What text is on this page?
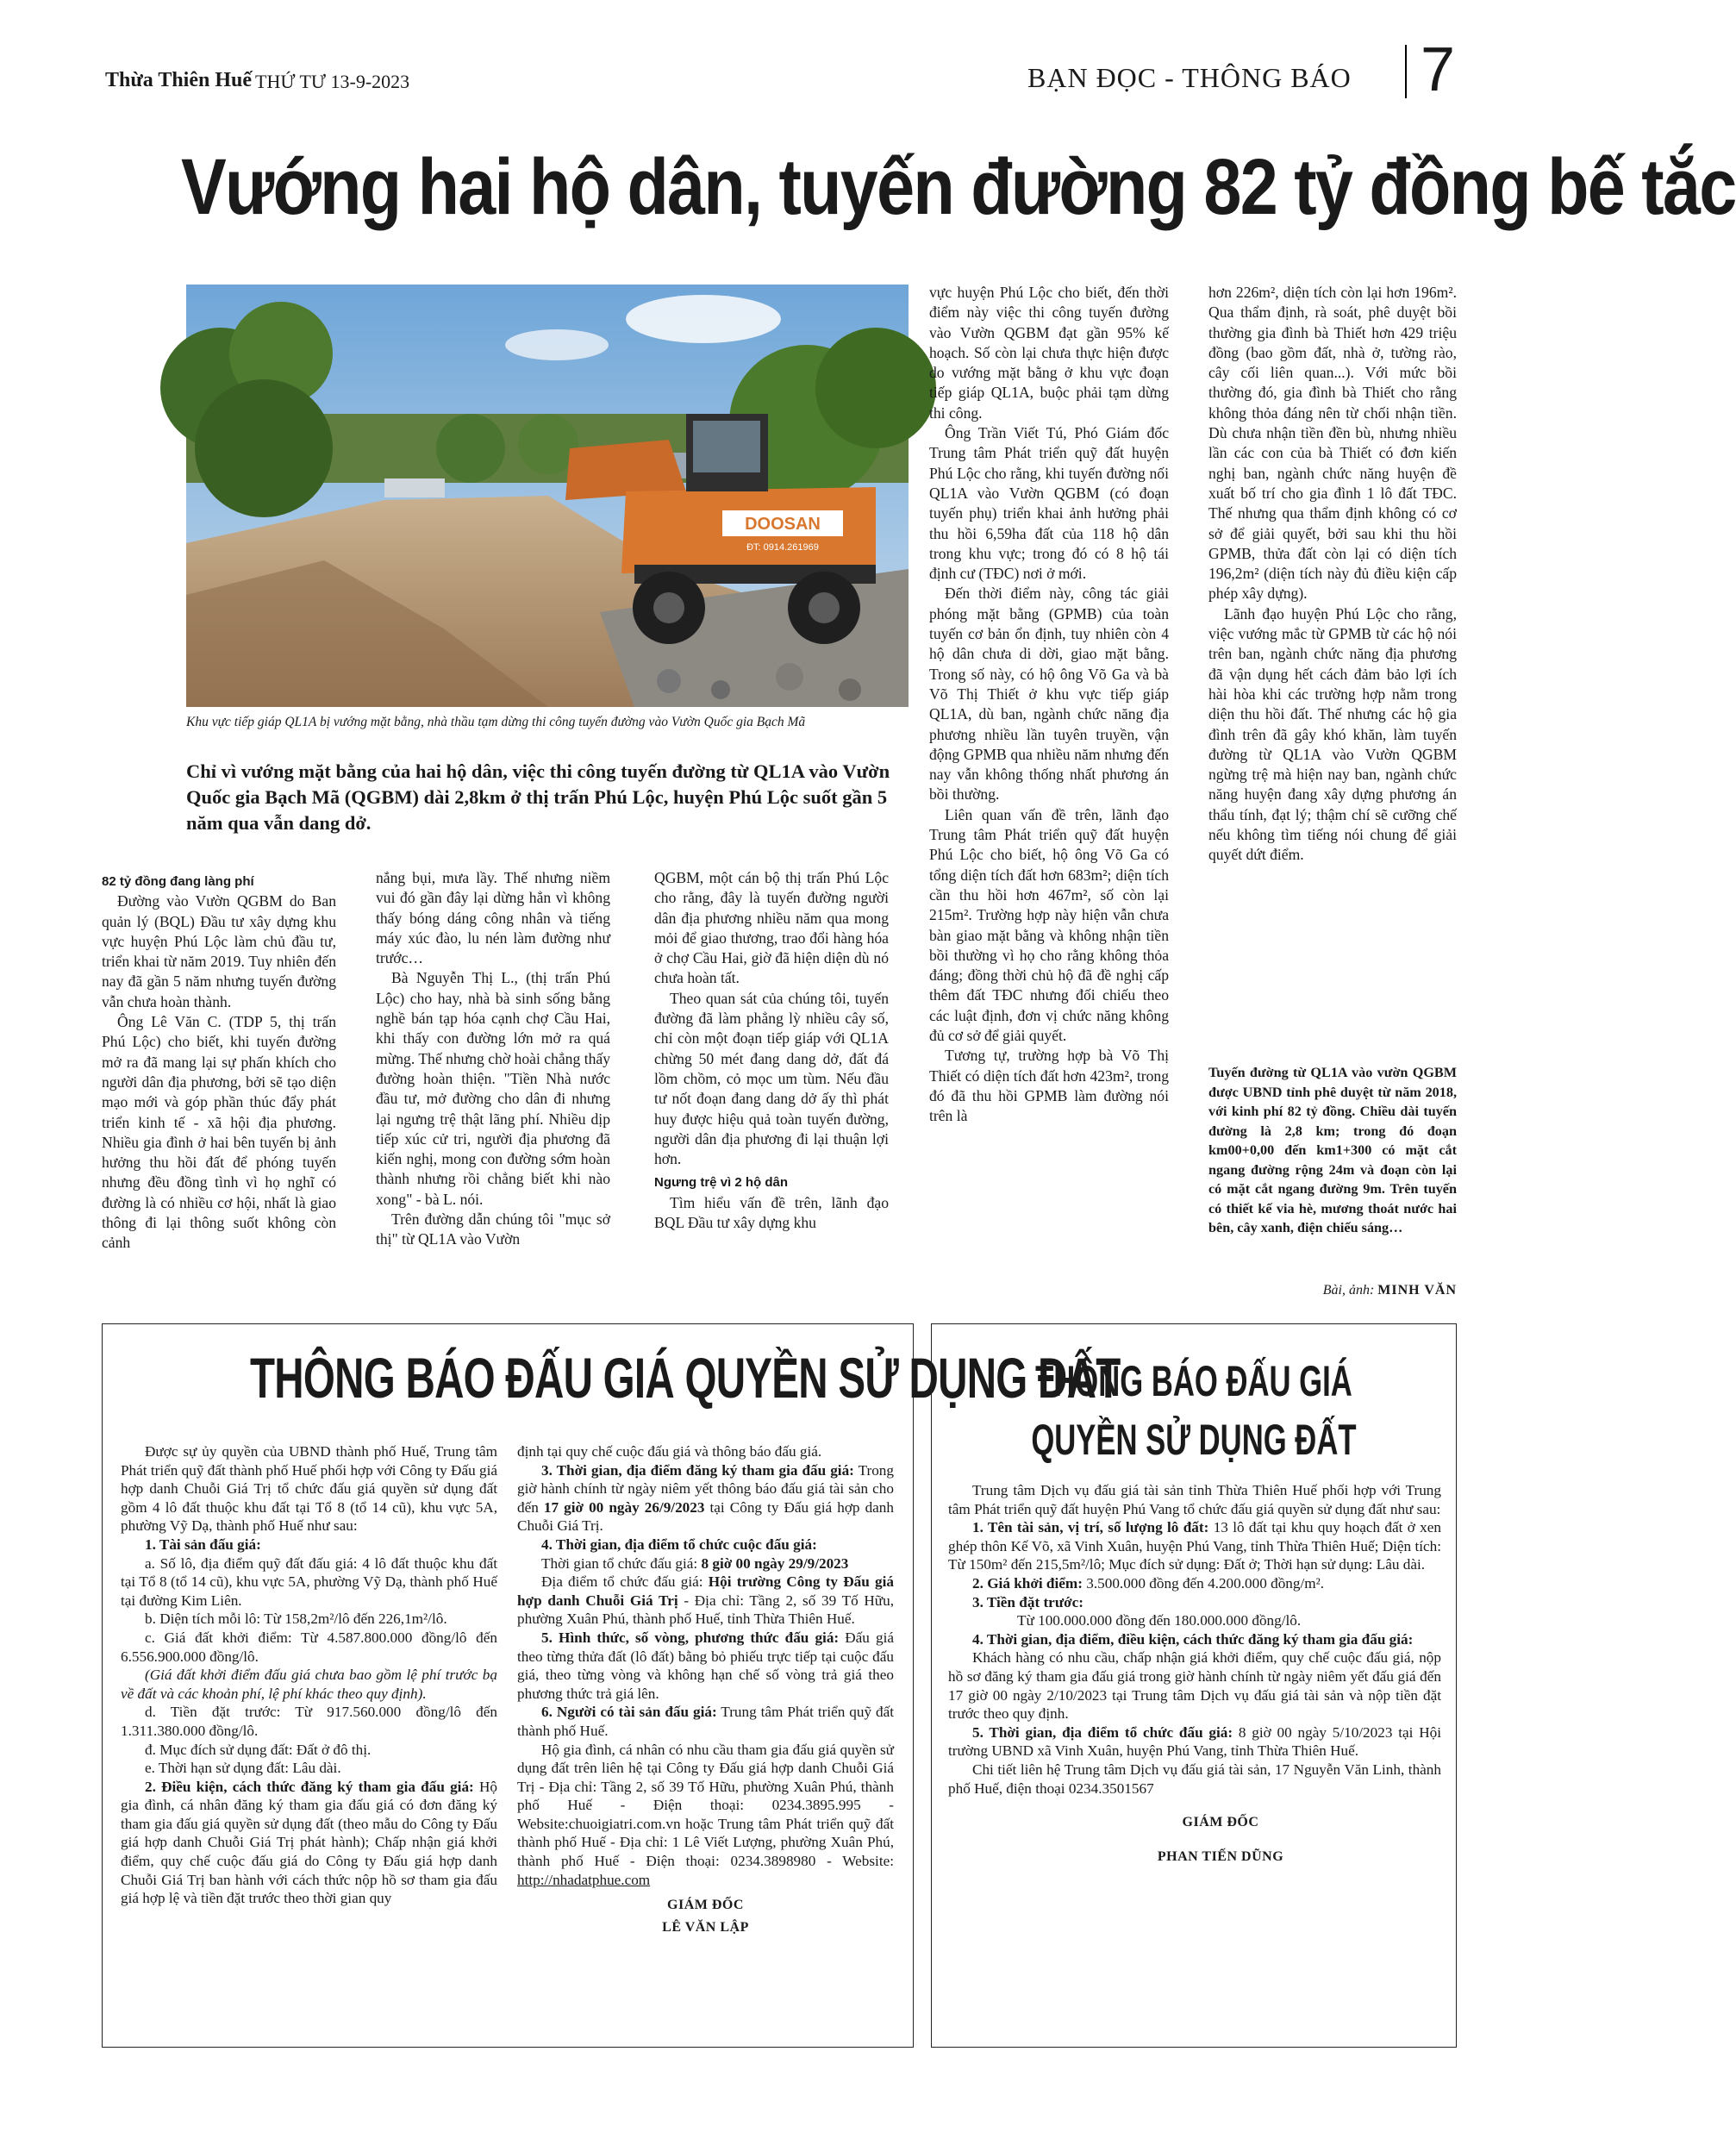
Thừa Thiên Huế THỨ TƯ 13-9-2023	BẠN ĐỌC - THÔNG BÁO 7
Vướng hai hộ dân, tuyến đường 82 tỷ đồng bế tắc
DOOSAN
ĐT: 0914.261969
Khu vực tiếp giáp QL1A bị vướng mặt bằng, nhà thầu tạm dừng thi công tuyến đường vào Vườn Quốc gia Bạch Mã
Chỉ vì vướng mặt bằng của hai hộ dân, việc thi công tuyến đường từ QL1A vào Vườn Quốc gia Bạch Mã (QGBM) dài 2,8km ở thị trấn Phú Lộc, huyện Phú Lộc suốt gần 5 năm qua vẫn dang dở.

82 tỷ đồng đang làng phí

Đường vào Vườn QGBM do Ban quản lý (BQL) Đầu tư xây dựng khu vực huyện Phú Lộc làm chủ đầu tư, triển khai từ năm 2019. Tuy nhiên đến nay đã gần 5 năm nhưng tuyến đường vẫn chưa hoàn thành.

Ông Lê Văn C. (TDP 5, thị trấn Phú Lộc) cho biết, khi tuyến đường mở ra đã mang lại sự phấn khích cho người dân địa phương, bởi sẽ tạo diện mạo mới và góp phần thúc đẩy phát triển kinh tế - xã hội địa phương. Nhiều gia đình ở hai bên tuyến bị ảnh hưởng thu hồi đất để phóng tuyến nhưng đều đồng tình vì họ nghĩ có đường là có nhiều cơ hội, nhất là giao thông đi lại thông suốt không còn cảnh

nắng bụi, mưa lầy. Thế nhưng niềm vui đó gần đây lại dừng hẳn vì không thấy bóng dáng công nhân và tiếng máy xúc đào, lu nén làm đường như trước…

Bà Nguyễn Thị L., (thị trấn Phú Lộc) cho hay, nhà bà sinh sống bằng nghề bán tạp hóa cạnh chợ Cầu Hai, khi thấy con đường lớn mở ra quá mừng. Thế nhưng chờ hoài chẳng thấy đường hoàn thiện. "Tiền Nhà nước đầu tư, mở đường cho dân đi nhưng lại ngưng trệ thật lãng phí. Nhiều dịp tiếp xúc cử tri, người địa phương đã kiến nghị, mong con đường sớm hoàn thành nhưng rồi chẳng biết khi nào xong" - bà L. nói.

Trên đường dẫn chúng tôi "mục sở thị" từ QL1A vào Vườn

QGBM, một cán bộ thị trấn Phú Lộc cho rằng, đây là tuyến đường người dân địa phương nhiều năm qua mong mỏi để giao thương, trao đổi hàng hóa ở chợ Cầu Hai, giờ đã hiện diện dù nó chưa hoàn tất.

Theo quan sát của chúng tôi, tuyến đường đã làm phẳng lỳ nhiều cây số, chỉ còn một đoạn tiếp giáp với QL1A chừng 50 mét đang dang dở, đất đá lồm chồm, cỏ mọc um tùm. Nếu đầu tư nốt đoạn đang dang dở ấy thì phát huy được hiệu quả toàn tuyến đường, người dân địa phương đi lại thuận lợi hơn.

Ngưng trệ vì 2 hộ dân

Tìm hiểu vấn đề trên, lãnh đạo BQL Đầu tư xây dựng khu

vực huyện Phú Lộc cho biết, đến thời điểm này việc thi công tuyến đường vào Vườn QGBM đạt gần 95% kế hoạch. Số còn lại chưa thực hiện được do vướng mặt bằng ở khu vực đoạn tiếp giáp QL1A, buộc phải tạm dừng thi công.

Ông Trần Viết Tú, Phó Giám đốc Trung tâm Phát triển quỹ đất huyện Phú Lộc cho rằng, khi tuyến đường nối QL1A vào Vườn QGBM (có đoạn tuyến phụ) triển khai ảnh hưởng phải thu hồi 6,59ha đất của 118 hộ dân trong khu vực; trong đó có 8 hộ tái định cư (TĐC) nơi ở mới.

Đến thời điểm này, công tác giải phóng mặt bằng (GPMB) của toàn tuyến cơ bản ổn định, tuy nhiên còn 4 hộ dân chưa di dời, giao mặt bằng. Trong số này, có hộ ông Võ Ga và bà Võ Thị Thiết ở khu vực tiếp giáp QL1A, dù ban, ngành chức năng địa phương nhiều lần tuyên truyền, vận động GPMB qua nhiều năm nhưng đến nay vẫn không thống nhất phương án bồi thường.

Liên quan vấn đề trên, lãnh đạo Trung tâm Phát triển quỹ đất huyện Phú Lộc cho biết, hộ ông Võ Ga có tổng diện tích đất hơn 683m²; diện tích cần thu hồi hơn 467m², số còn lại 215m². Trường hợp này hiện vẫn chưa bàn giao mặt bằng và không nhận tiền bồi thường vì họ cho rằng không thỏa đáng; đồng thời chủ hộ đã đề nghị cấp thêm đất TĐC nhưng đối chiếu theo các luật định, đơn vị chức năng không đủ cơ sở để giải quyết.

Tương tự, trường hợp bà Võ Thị Thiết có diện tích đất hơn 423m², trong đó đã thu hồi GPMB làm đường nói trên là

hơn 226m², diện tích còn lại hơn 196m². Qua thẩm định, rà soát, phê duyệt bồi thường gia đình bà Thiết hơn 429 triệu đồng (bao gồm đất, nhà ở, tường rào, cây cối liên quan...). Với mức bồi thường đó, gia đình bà Thiết cho rằng không thỏa đáng nên từ chối nhận tiền. Dù chưa nhận tiền đền bù, nhưng nhiều lần các con của bà Thiết có đơn kiến nghị ban, ngành chức năng huyện đề xuất bố trí cho gia đình 1 lô đất TĐC. Thế nhưng qua thẩm định không có cơ sở để giải quyết, bởi sau khi thu hồi GPMB, thửa đất còn lại có diện tích 196,2m² (diện tích này đủ điều kiện cấp phép xây dựng).

Lãnh đạo huyện Phú Lộc cho rằng, việc vướng mắc từ GPMB từ các hộ nói trên ban, ngành chức năng địa phương đã vận dụng hết cách đảm bảo lợi ích hài hòa khi các trường hợp nằm trong diện thu hồi đất. Thế nhưng các hộ gia đình trên đã gây khó khăn, làm tuyến đường từ QL1A vào Vườn QGBM ngừng trệ mà hiện nay ban, ngành chức năng huyện đang xây dựng phương án thẩu tính, đạt lý; thậm chí sẽ cưỡng chế nếu không tìm tiếng nói chung để giải quyết dứt điểm.

Tuyến đường từ QL1A vào vườn QGBM được UBND tỉnh phê duyệt từ năm 2018, với kinh phí 82 tỷ đồng. Chiều dài tuyến đường là 2,8 km; trong đó đoạn km00+0,00 đến km1+300 có mặt cắt ngang đường rộng 24m và đoạn còn lại có mặt cắt ngang đường 9m. Trên tuyến có thiết kế via hè, mương thoát nước hai bên, cây xanh, điện chiếu sáng…
Bài, ảnh: MINH VĂN
THÔNG BÁO ĐẤU GIÁ QUYỀN SỬ DỤNG ĐẤT

Được sự ủy quyền của UBND thành phố Huế, Trung tâm Phát triển quỹ đất thành phố Huế phối hợp với Công ty Đấu giá hợp danh Chuỗi Giá Trị tổ chức đấu giá quyền sử dụng đất gồm 4 lô đất thuộc khu đất tại Tổ 8 (tổ 14 cũ), khu vực 5A, phường Vỹ Dạ, thành phố Huế như sau:

1. Tài sản đấu giá:

a. Số lô, địa điểm quỹ đất đấu giá: 4 lô đất thuộc khu đất tại Tổ 8 (tổ 14 cũ), khu vực 5A, phường Vỹ Dạ, thành phố Huế tại đường Kim Liên.

b. Diện tích mỗi lô: Từ 158,2m²/lô đến 226,1m²/lô.

c. Giá đất khởi điểm: Từ 4.587.800.000 đồng/lô đến 6.556.900.000 đồng/lô.

(Giá đất khởi điểm đấu giá chưa bao gồm lệ phí trước bạ về đất và các khoản phí, lệ phí khác theo quy định).

d. Tiền đặt trước: Từ 917.560.000 đồng/lô đến 1.311.380.000 đồng/lô.

đ. Mục đích sử dụng đất: Đất ở đô thị.

e. Thời hạn sử dụng đất: Lâu dài.

2. Điều kiện, cách thức đăng ký tham gia đấu giá: Hộ gia đình, cá nhân đăng ký tham gia đấu giá có đơn đăng ký tham gia đấu giá quyền sử dụng đất (theo mẫu do Công ty Đấu giá hợp danh Chuỗi Giá Trị phát hành); Chấp nhận giá khởi điểm, quy chế cuộc đấu giá do Công ty Đấu giá hợp danh Chuỗi Giá Trị ban hành với cách thức nộp hồ sơ tham gia đấu giá hợp lệ và tiền đặt trước theo thời gian quy

định tại quy chế cuộc đấu giá và thông báo đấu giá.

3. Thời gian, địa điểm đăng ký tham gia đấu giá: Trong giờ hành chính từ ngày niêm yết thông báo đấu giá tài sản cho đến 17 giờ 00 ngày 26/9/2023 tại Công ty Đấu giá hợp danh Chuỗi Giá Trị.

4. Thời gian, địa điểm tổ chức cuộc đấu giá:

Thời gian tổ chức đấu giá: 8 giờ 00 ngày 29/9/2023

Địa điểm tổ chức đấu giá: Hội trường Công ty Đấu giá hợp danh Chuỗi Giá Trị - Địa chỉ: Tầng 2, số 39 Tố Hữu, phường Xuân Phú, thành phố Huế, tỉnh Thừa Thiên Huế.

5. Hình thức, số vòng, phương thức đấu giá: Đấu giá theo từng thửa đất (lô đất) bằng bỏ phiếu trực tiếp tại cuộc đấu giá, theo từng vòng và không hạn chế số vòng trả giá theo phương thức trả giá lên.

6. Người có tài sản đấu giá: Trung tâm Phát triển quỹ đất thành phố Huế.

Hộ gia đình, cá nhân có nhu cầu tham gia đấu giá quyền sử dụng đất trên liên hệ tại Công ty Đấu giá hợp danh Chuỗi Giá Trị - Địa chỉ: Tầng 2, số 39 Tố Hữu, phường Xuân Phú, thành phố Huế - Điện thoại: 0234.3895.995 - Website:chuoigiatri.com.vn hoặc Trung tâm Phát triển quỹ đất thành phố Huế - Địa chỉ: 1 Lê Viết Lượng, phường Xuân Phú, thành phố Huế - Điện thoại: 0234.3898980 - Website: http://nhadatphue.com

GIÁM ĐỐC
LÊ VĂN LẬP
THÔNG BÁO ĐẤU GIÁ
QUYỀN SỬ DỤNG ĐẤT

Trung tâm Dịch vụ đấu giá tài sản tỉnh Thừa Thiên Huế phối hợp với Trung tâm Phát triển quỹ đất huyện Phú Vang tổ chức đấu giá quyền sử dụng đất như sau:

1. Tên tài sản, vị trí, số lượng lô đất: 13 lô đất tại khu quy hoạch đất ở xen ghép thôn Kế Võ, xã Vinh Xuân, huyện Phú Vang, tỉnh Thừa Thiên Huế; Diện tích: Từ 150m² đến 215,5m²/lô; Mục đích sử dụng: Đất ở; Thời hạn sử dụng: Lâu dài.

2. Giá khởi điểm: 3.500.000 đồng đến 4.200.000 đồng/m².

3. Tiền đặt trước:

Từ 100.000.000 đồng đến 180.000.000 đồng/lô.

4. Thời gian, địa điểm, điều kiện, cách thức đăng ký tham gia đấu giá:

Khách hàng có nhu cầu, chấp nhận giá khởi điểm, quy chế cuộc đấu giá, nộp hồ sơ đăng ký tham gia đấu giá trong giờ hành chính từ ngày niêm yết đấu giá đến 17 giờ 00 ngày 2/10/2023 tại Trung tâm Dịch vụ đấu giá tài sản và nộp tiền đặt trước theo quy định.

5. Thời gian, địa điểm tổ chức đấu giá: 8 giờ 00 ngày 5/10/2023 tại Hội trường UBND xã Vinh Xuân, huyện Phú Vang, tỉnh Thừa Thiên Huế.

Chi tiết liên hệ Trung tâm Dịch vụ đấu giá tài sản, 17 Nguyễn Văn Linh, thành phố Huế, điện thoại 0234.3501567

GIÁM ĐỐC
PHAN TIẾN DŨNG
